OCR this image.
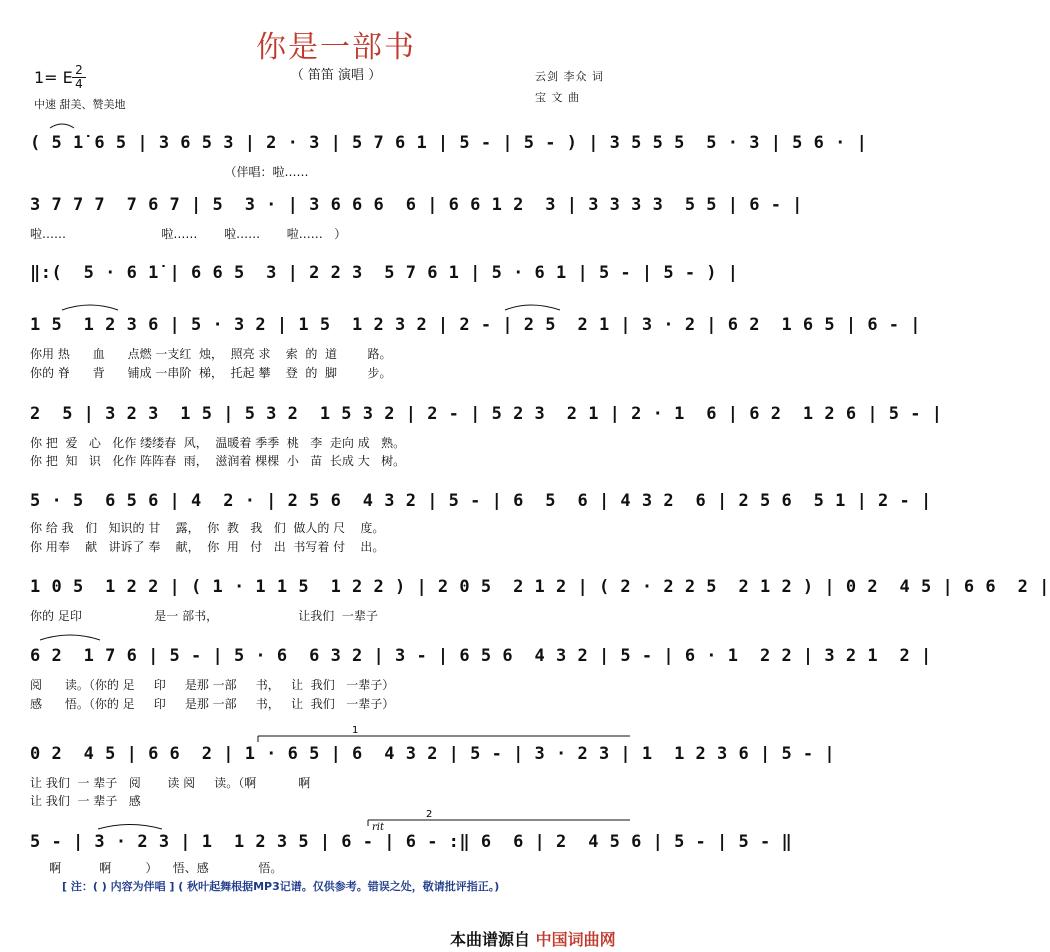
你是一部书
（ 笛笛 演唱 ）
1= E 2
4
中速 甜美、赞美地
云剑 李众 词
宝 文 曲
( 5 1̇ 6 5 | 3 6 5 3 | 2 · 3 | 5 7 6 1 | 5 - | 5 - ) | 3 5 5 5  5 · 3 | 5 6 · |
（伴唱：啦……
3 7 7 7  7 6 7 | 5  3 · | 3 6 6 6  6 | 6 6 1 2  3 | 3 3 3 3  5 5 | 6 - |
啦……                         啦……       啦……       啦……   ）
‖:(  5 · 6 1̇ | 6 6 5  3 | 2 2 3  5 7 6 1 | 5 · 6 1 | 5 - | 5 - ) |
1 5  1 2 3 6 | 5 · 3 2 | 1 5  1 2 3 2 | 2 - | 2 5  2 1 | 3 · 2 | 6 2  1 6 5 | 6 - |
你用 热      血      点燃 一支红  烛，  照亮 求    索  的  道        路。
你的 脊      背      铺成 一串阶  梯，  托起 攀    登  的  脚        步。
2  5 | 3 2 3  1 5 | 5 3 2  1 5 3 2 | 2 - | 5 2 3  2 1 | 2 · 1  6 | 6 2  1 2 6 | 5 - |
你 把  爱   心   化作 缕缕春  风，  温暖着 季季  桃   李  走向 成   熟。
你 把  知   识   化作 阵阵春  雨，  滋润着 棵棵  小   苗  长成 大   树。
5 · 5  6 5 6 | 4  2 · | 2 5 6  4 3 2 | 5 - | 6  5  6 | 4 3 2  6 | 2 5 6  5 1 | 2 - |
你 给 我   们   知识的 甘    露，  你  教   我   们  做人的 尺    度。
你 用奉    献   讲诉了 奉    献，  你  用   付   出  书写着 付    出。
1 0 5  1 2 2 | ( 1 · 1 1 5  1 2 2 ) | 2 0 5  2 1 2 | ( 2 · 2 2 5  2 1 2 ) | 0 2  4 5 | 6 6  2 |
你的 足印                   是一 部书，                     让我们  一辈子
6 2  1 7 6 | 5 - | 5 · 6  6 3 2 | 3 - | 6 5 6  4 3 2 | 5 - | 6 · 1  2 2 | 3 2 1  2 |
阅      读。（你的 足     印     是那 一部     书，   让  我们   一辈子）
感      悟。（你的 足     印     是那 一部     书，   让  我们   一辈子）
0 2  4 5 | 6 6  2 | 1 · 6 5 | 6  4 3 2 | 5 - | 3 · 2 3 | 1  1 2 3 6 | 5 - |
让 我们  一 辈子   阅       读 阅     读。（啊           啊
让 我们  一 辈子   感
5 - | 3 · 2 3 | 1  1 2 3 5 | 6 - | 6 - :‖ 6  6 | 2  4 5 6 | 5 - | 5 - ‖
啊          啊         ）    悟、感             悟。
1
2
rit
[ 注：( ) 内容为伴唱 ] ( 秋叶起舞根据MP3记谱。仅供参考。错误之处，敬请批评指正。)
本曲谱源自 中国词曲网
